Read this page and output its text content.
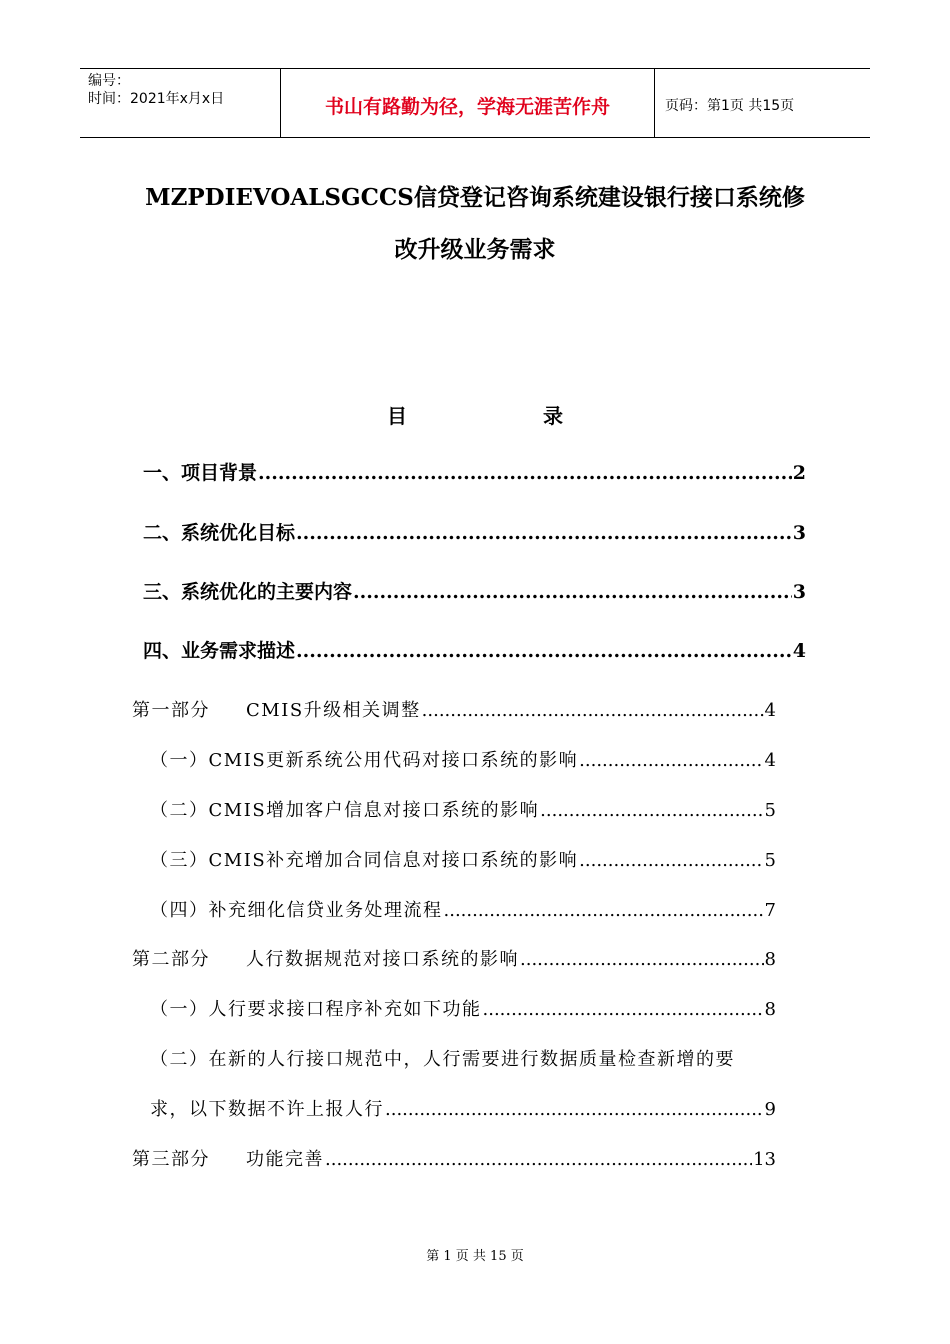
编号：
时间：2021年x月x日	书山有路勤为径，学海无涯苦作舟	页码：第1页 共15页
MZPDIEVOALSGCCS信贷登记咨询系统建设银行接口系统修
改升级业务需求
目	录
一、项目背景 .....	2
二、系统优化目标 .....	3
三、系统优化的主要内容 .....	3
四、业务需求描述 .....	4
第一部分 CMIS升级相关调整 .....	4
（一）CMIS更新系统公用代码对接口系统的影响 .....	4
（二）CMIS增加客户信息对接口系统的影响 .....	5
（三）CMIS补充增加合同信息对接口系统的影响 .....	5
（四）补充细化信贷业务处理流程 .....	7
第二部分 人行数据规范对接口系统的影响 .....	8
（一）人行要求接口程序补充如下功能 .....	8
（二）在新的人行接口规范中，人行需要进行数据质量检查新增的要
求，以下数据不许上报人行 .....	9
第三部分 功能完善 .....	13
第 1 页 共 15 页
